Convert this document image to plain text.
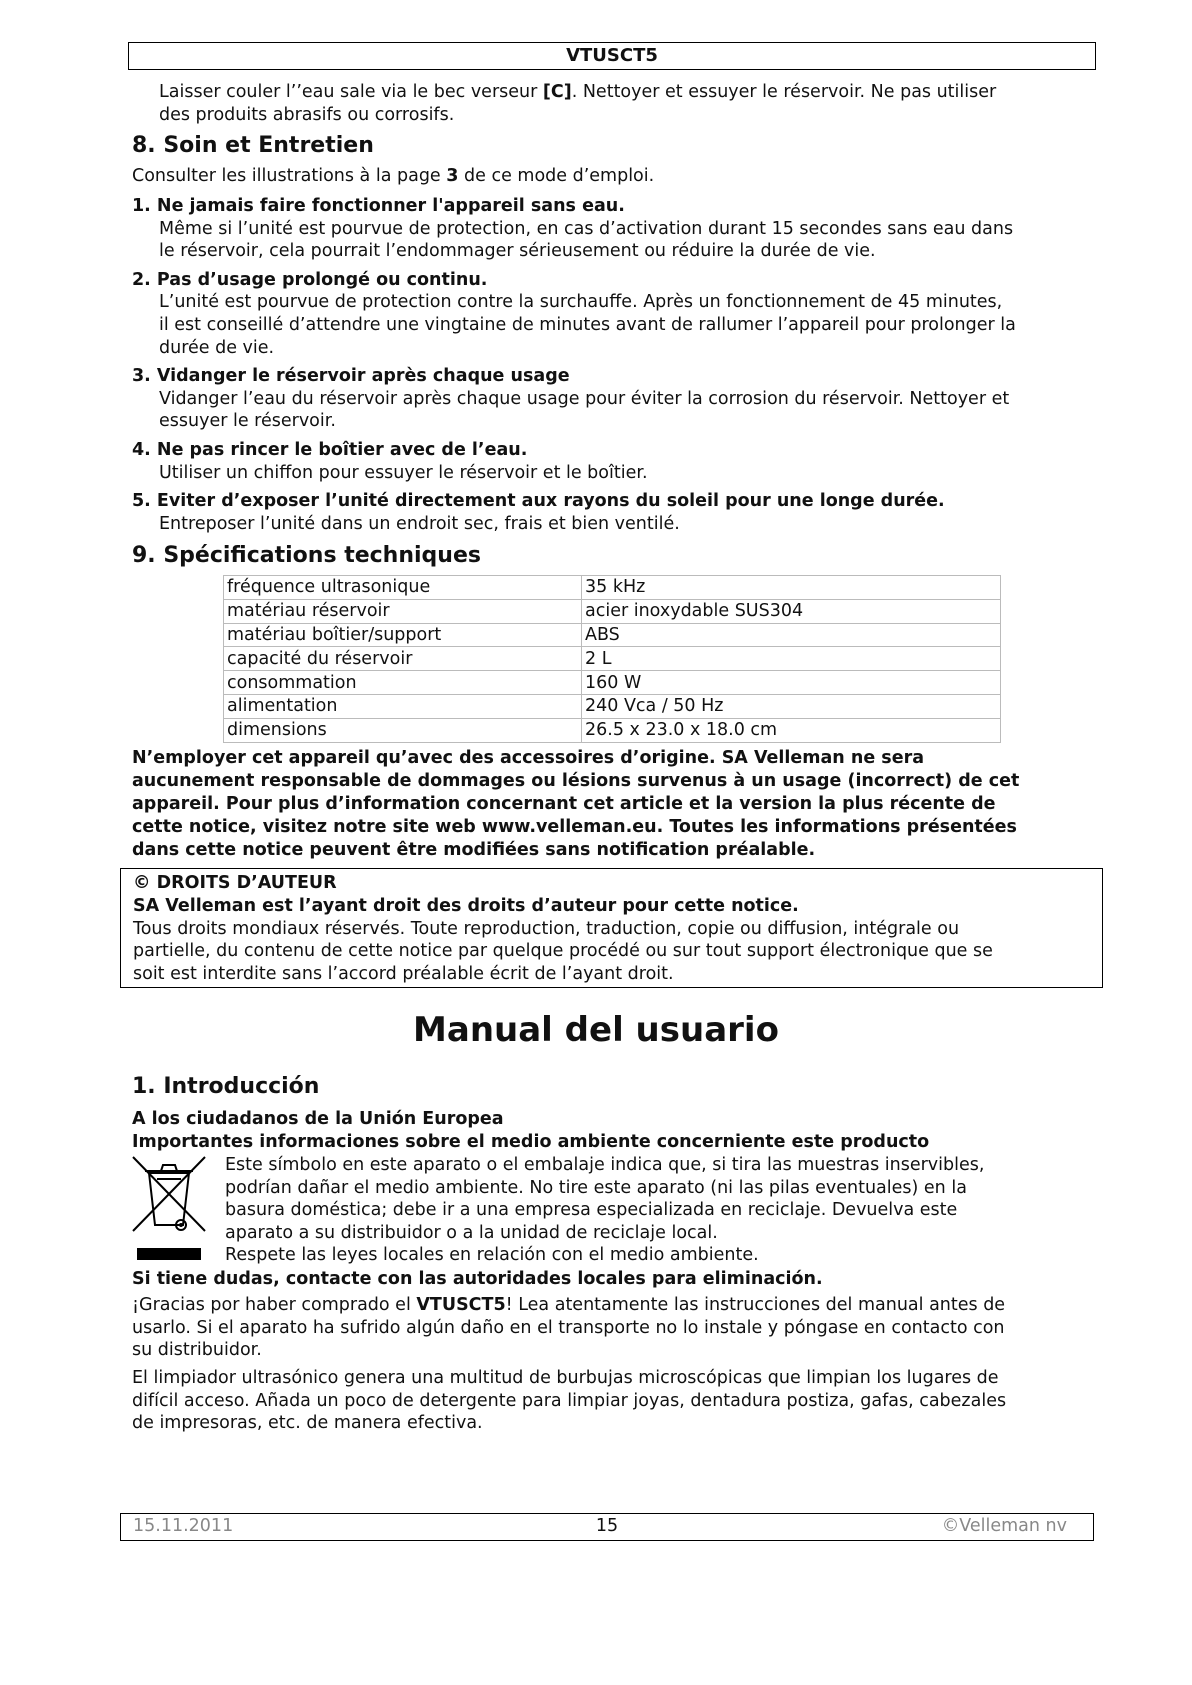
VTUSCT5

Laisser couler l’’eau sale via le bec verseur [C]. Nettoyer et essuyer le réservoir. Ne pas utiliser

des produits abrasifs ou corrosifs.

8. Soin et Entretien
Consulter les illustrations à la page 3 de ce mode d’emploi.

1. Ne jamais faire fonctionner l'appareil sans eau.

Même si l’unité est pourvue de protection, en cas d’activation durant 15 secondes sans eau dans

le réservoir, cela pourrait l’endommager sérieusement ou réduire la durée de vie.

2. Pas d’usage prolongé ou continu.

L’unité est pourvue de protection contre la surchauffe. Après un fonctionnement de 45 minutes,

il est conseillé d’attendre une vingtaine de minutes avant de rallumer l’appareil pour prolonger la

durée de vie.

3. Vidanger le réservoir après chaque usage

Vidanger l’eau du réservoir après chaque usage pour éviter la corrosion du réservoir. Nettoyer et

essuyer le réservoir.

4. Ne pas rincer le boîtier avec de l’eau.

Utiliser un chiffon pour essuyer le réservoir et le boîtier.

5. Eviter d’exposer l’unité directement aux rayons du soleil pour une longe durée.

Entreposer l’unité dans un endroit sec, frais et bien ventilé.

9. Spécifications techniques
fréquence ultrasonique	35 kHz
matériau réservoir	acier inoxydable SUS304
matériau boîtier/support	ABS
capacité du réservoir	2 L
consommation	160 W
alimentation	240 Vca / 50 Hz
dimensions	26.5 x 23.0 x 18.0 cm

N’employer cet appareil qu’avec des accessoires d’origine. SA Velleman ne sera

aucunement responsable de dommages ou lésions survenus à un usage (incorrect) de cet

appareil. Pour plus d’information concernant cet article et la version la plus récente de

cette notice, visitez notre site web www.velleman.eu. Toutes les informations présentées

dans cette notice peuvent être modifiées sans notification préalable.

© DROITS D’AUTEUR

SA Velleman est l’ayant droit des droits d’auteur pour cette notice.

Tous droits mondiaux réservés. Toute reproduction, traduction, copie ou diffusion, intégrale ou

partielle, du contenu de cette notice par quelque procédé ou sur tout support électronique que se

soit est interdite sans l’accord préalable écrit de l’ayant droit.

Manual del usuario
1. Introducción

A los ciudadanos de la Unión Europea

Importantes informaciones sobre el medio ambiente concerniente este producto

Este símbolo en este aparato o el embalaje indica que, si tira las muestras inservibles,

podrían dañar el medio ambiente. No tire este aparato (ni las pilas eventuales) en la

basura doméstica; debe ir a una empresa especializada en reciclaje. Devuelva este

aparato a su distribuidor o a la unidad de reciclaje local.

Respete las leyes locales en relación con el medio ambiente.

Si tiene dudas, contacte con las autoridades locales para eliminación.

¡Gracias por haber comprado el VTUSCT5! Lea atentamente las instrucciones del manual antes de

usarlo. Si el aparato ha sufrido algún daño en el transporte no lo instale y póngase en contacto con

su distribuidor.

El limpiador ultrasónico genera una multitud de burbujas microscópicas que limpian los lugares de

difícil acceso. Añada un poco de detergente para limpiar joyas, dentadura postiza, gafas, cabezales

de impresoras, etc. de manera efectiva.

15.11.2011	15	©Velleman nv
